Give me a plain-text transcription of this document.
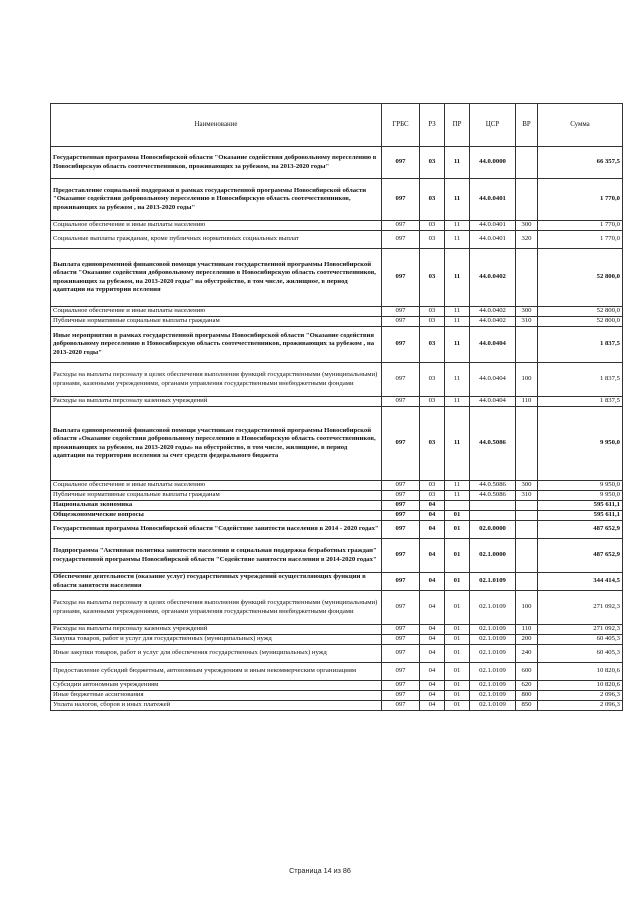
Наименование	ГРБС	РЗ	ПР	ЦСР	ВР	Сумма
Государственная программа Новосибирской области "Оказание содействия добровольному переселению в Новосибирскую область соотечественников, проживающих за рубежом, на 2013-2020 годы"	097	03	11	44.0.0000		66 357,5
Предоставление социальной поддержки в рамках государственной программы Новосибирской области "Оказание содействия добровольному переселению в Новосибирскую область соотечественников, проживающих за рубежом , на 2013-2020 годы"	097	03	11	44.0.0401		1 770,0
Социальное обеспечение и иные выплаты населению	097	03	11	44.0.0401	300	1 770,0
Социальные выплаты гражданам, кроме публичных нормативных социальных выплат	097	03	11	44.0.0401	320	1 770,0
Выплата единовременной финансовой помощи участникам государственной программы Новосибирской области "Оказание содействия добровольному переселению в Новосибирскую область соотечественников, проживающих за рубежом, на 2013-2020 годы" на обустройство, в том числе, жилищное, в период адаптации на территории вселения	097	03	11	44.0.0402		52 800,0
Социальное обеспечение и иные выплаты населению	097	03	11	44.0.0402	300	52 800,0
Публичные нормативные социальные выплаты гражданам	097	03	11	44.0.0402	310	52 800,0
Иные мероприятия в рамках государственной программы Новосибирской области "Оказание содействия добровольному переселению в Новосибирскую область соотечественников, проживающих за рубежом , на 2013-2020 годы"	097	03	11	44.0.0404		1 837,5
Расходы на выплаты персоналу в целях обеспечения выполнения функций государственными (муниципальными) органами, казенными учреждениями, органами управления государственными внебюджетными фондами	097	03	11	44.0.0404	100	1 837,5
Расходы на выплаты персоналу казенных учреждений	097	03	11	44.0.0404	110	1 837,5
Выплата единовременной финансовой помощи участникам государственной программы Новосибирской области «Оказание содействия добровольному переселению в Новосибирскую область соотечественников, проживающих за рубежом, на 2013-2020 годы» на обустройство, в том числе, жилищное, в период адаптации на территории вселения за счет средств федерального бюджета	097	03	11	44.0.5086		9 950,0
Социальное обеспечение и иные выплаты населению	097	03	11	44.0.5086	300	9 950,0
Публичные нормативные социальные выплаты гражданам	097	03	11	44.0.5086	310	9 950,0
Национальная экономика	097	04				595 611,1
Общеэкономические вопросы	097	04	01			595 611,1
Государственная программа Новосибирской области "Содействие занятости населения в 2014 - 2020 годах"	097	04	01	02.0.0000		487 652,9
Подпрограмма "Активная политика занятости населения и социальная поддержка безработных граждан" государственной программы Новосибирской области "Содействие занятости населения в 2014-2020 годах"	097	04	01	02.1.0000		487 652,9
Обеспечение деятельности (оказание услуг) государственных учреждений осуществляющих функции в области занятости населения	097	04	01	02.1.0109		344 414,5
Расходы на выплаты персоналу в целях обеспечения выполнения функций государственными (муниципальными) органами, казенными учреждениями, органами управления государственными внебюджетными фондами	097	04	01	02.1.0109	100	271 092,3
Расходы на выплаты персоналу казенных учреждений	097	04	01	02.1.0109	110	271 092,3
Закупка товаров, работ и услуг для государственных (муниципальных) нужд	097	04	01	02.1.0109	200	60 405,3
Иные закупки товаров, работ и услуг для обеспечения государственных (муниципальных) нужд	097	04	01	02.1.0109	240	60 405,3
Предоставление субсидий бюджетным, автономным учреждениям и иным некоммерческим организациям	097	04	01	02.1.0109	600	10 820,6
Субсидии автономным учреждениям	097	04	01	02.1.0109	620	10 820,6
Иные бюджетные ассигнования	097	04	01	02.1.0109	800	2 096,3
Уплата налогов, сборов и иных платежей	097	04	01	02.1.0109	850	2 096,3
Страница 14 из 86
